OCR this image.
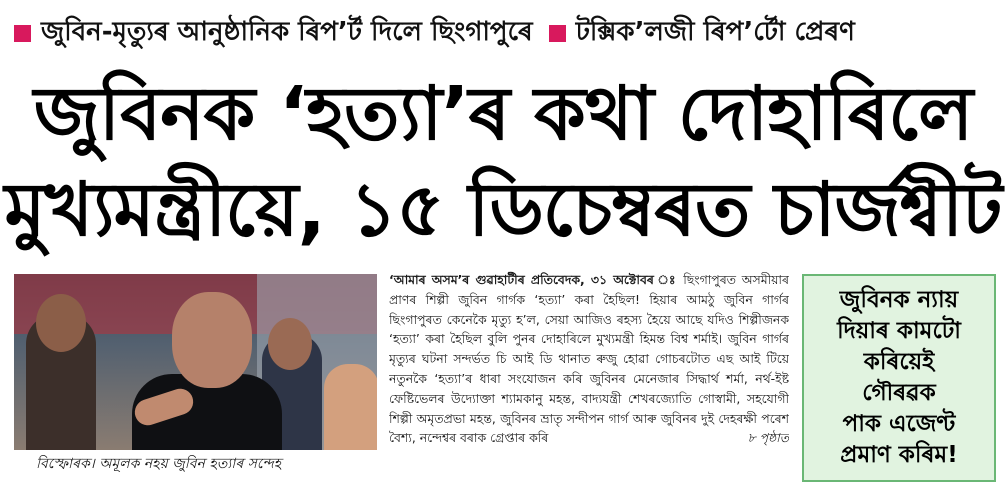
জুবিন-মৃত্যুৰ আনুষ্ঠানিক ৰিপ’ৰ্ট দিলে ছিংগাপুৰে টক্সিক’লজী ৰিপ’ৰ্টো প্ৰেৰণ
জুবিনক ‘হত্যা’ৰ কথা দোহাৰিলে
মুখ্যমন্ত্ৰীয়ে, ১৫ ডিচেম্বৰত চাৰ্জশ্বীট
বিস্ফোৰক। অমূলক নহয় জুবিন হত্যাৰ সন্দেহ
‘আমাৰ অসম’ৰ গুৱাহাটীৰ প্ৰতিবেদক, ৩১ অক্টোবৰ ঃ ছিংগাপুৰত অসমীয়াৰ প্ৰাণৰ শিল্পী জুবিন গাৰ্গক ‘হত্যা’ কৰা হৈছিল! হিয়াৰ আমঠু জুবিন গাৰ্গৰ ছিংগাপুৰত কেনেকৈ মৃত্যু হ’ল, সেয়া আজিও ৰহস্য হৈয়ে আছে যদিও শিল্পীজনক ‘হত্যা’ কৰা হৈছিল বুলি পুনৰ দোহাৰিলে মুখ্যমন্ত্ৰী হিমন্ত বিশ্ব শৰ্মাই। জুবিন গাৰ্গৰ মৃত্যুৰ ঘটনা সন্দৰ্ভত চি আই ডি থানাত ৰুজু হোৱা গোচৰটোত এছ আই টিয়ে নতুনকৈ ‘হত্যা’ৰ ধাৰা সংযোজন কৰি জুবিনৰ মেনেজাৰ সিদ্ধাৰ্থ শৰ্মা, নৰ্থ-ইষ্ট ফেষ্টিভেলৰ উদ্যোক্তা শ্যামকানু মহন্ত, বাদ্যযন্ত্ৰী শেখৰজ্যোতি গোস্বামী, সহযোগী শিল্পী অমৃতপ্ৰভা মহন্ত, জুবিনৰ ভ্ৰাতৃ সন্দীপন গাৰ্গ আৰু জুবিনৰ দুই দেহৰক্ষী পৰেশ বৈশ্য, নন্দেশ্বৰ বৰাক গ্ৰেপ্তাৰ কৰি	৮ পৃষ্ঠাত
জুবিনক ন্যায়
দিয়াৰ কামটো
কৰিয়েই
গৌৰৱক
পাক এজেণ্ট
প্ৰমাণ কৰিম!
